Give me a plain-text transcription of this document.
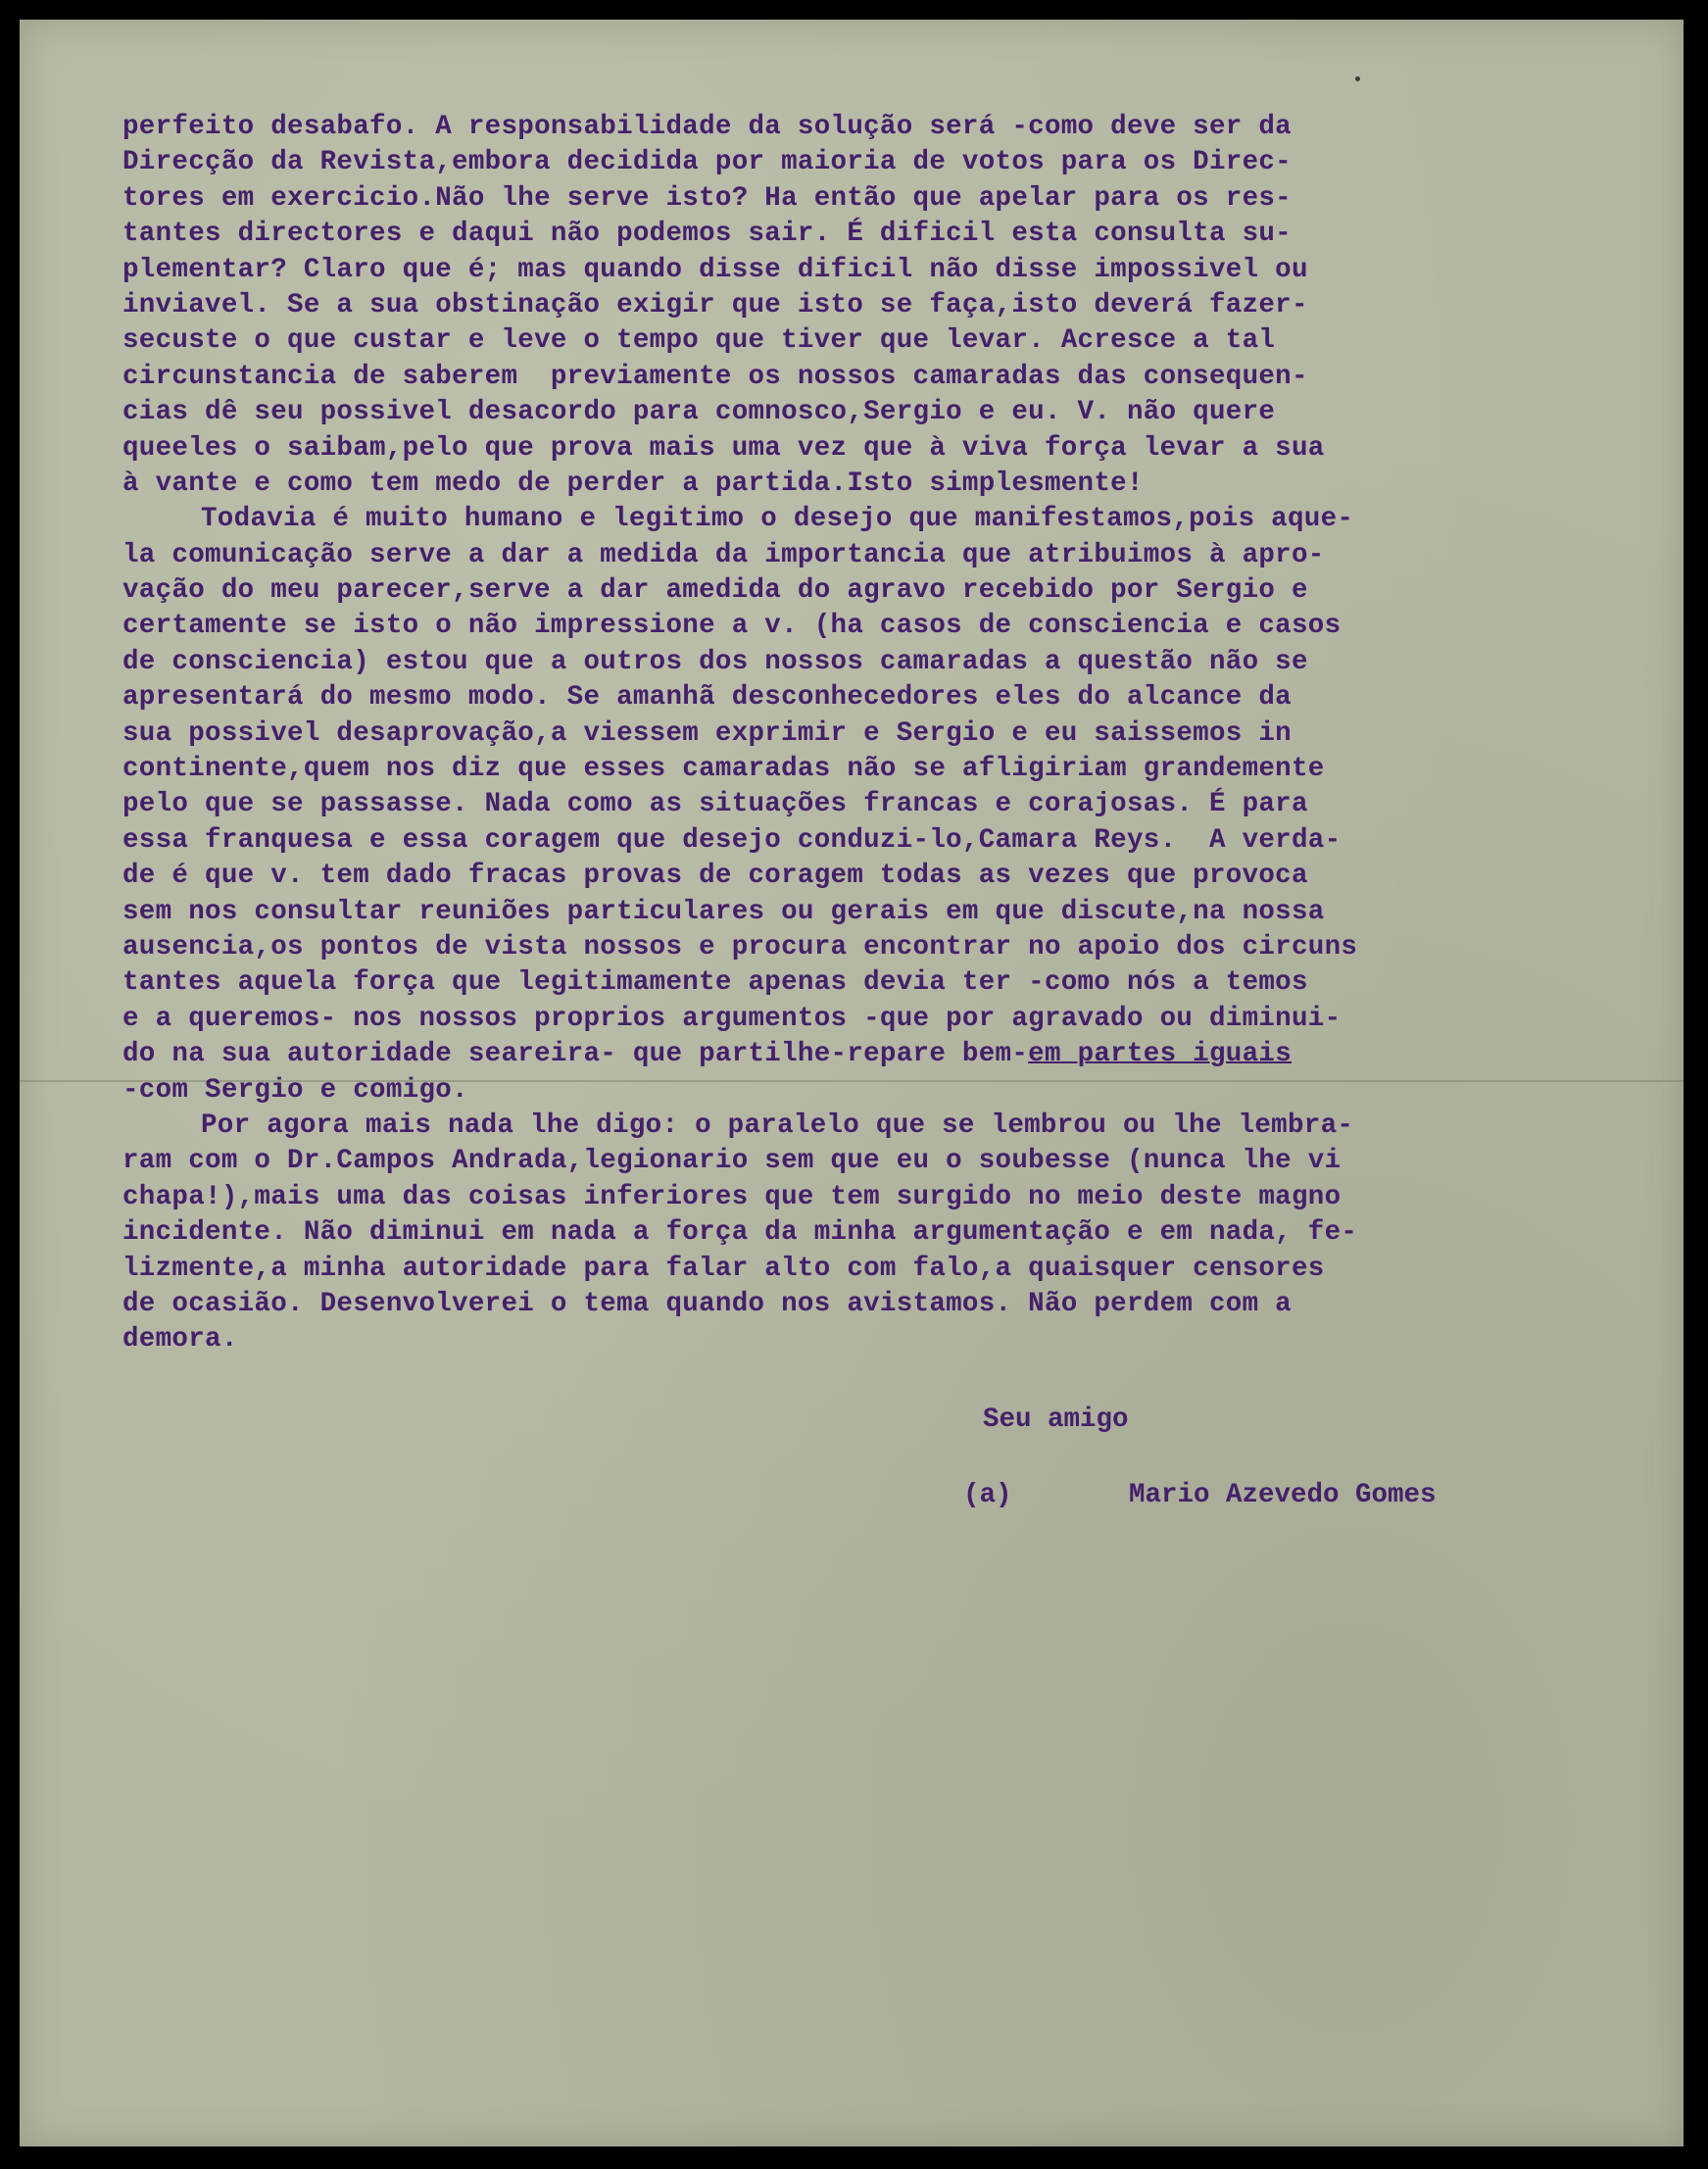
perfeito desabafo. A responsabilidade da solução será -como deve ser da
Direcção da Revista,embora decidida por maioria de votos para os Direc-
tores em exercicio.Não lhe serve isto? Ha então que apelar para os res-
tantes directores e daqui não podemos sair. É dificil esta consulta su-
plementar? Claro que é; mas quando disse dificil não disse impossivel ou
inviavel. Se a sua obstinação exigir que isto se faça,isto deverá fazer-
secuste o que custar e leve o tempo que tiver que levar. Acresce a tal
circunstancia de saberem  previamente os nossos camaradas das consequen-
cias dê seu possivel desacordo para comnosco,Sergio e eu. V. não quere
queeles o saibam,pelo que prova mais uma vez que à viva força levar a sua
à vante e como tem medo de perder a partida.Isto simplesmente!
Todavia é muito humano e legitimo o desejo que manifestamos,pois aque-
la comunicação serve a dar a medida da importancia que atribuimos à apro-
vação do meu parecer,serve a dar amedida do agravo recebido por Sergio e
certamente se isto o não impressione a v. (ha casos de consciencia e casos
de consciencia) estou que a outros dos nossos camaradas a questão não se
apresentará do mesmo modo. Se amanhã desconhecedores eles do alcance da
sua possivel desaprovação,a viessem exprimir e Sergio e eu saissemos in
continente,quem nos diz que esses camaradas não se afligiriam grandemente
pelo que se passasse. Nada como as situações francas e corajosas. É para
essa franquesa e essa coragem que desejo conduzi-lo,Camara Reys.  A verda-
de é que v. tem dado fracas provas de coragem todas as vezes que provoca
sem nos consultar reuniões particulares ou gerais em que discute,na nossa
ausencia,os pontos de vista nossos e procura encontrar no apoio dos circuns
tantes aquela força que legitimamente apenas devia ter -como nós a temos
e a queremos- nos nossos proprios argumentos -que por agravado ou diminui-
do na sua autoridade seareira- que partilhe-repare bem-em partes iguais
-com Sergio e comigo.
Por agora mais nada lhe digo: o paralelo que se lembrou ou lhe lembra-
ram com o Dr.Campos Andrada,legionario sem que eu o soubesse (nunca lhe vi
chapa!),mais uma das coisas inferiores que tem surgido no meio deste magno
incidente. Não diminui em nada a força da minha argumentação e em nada, fe-
lizmente,a minha autoridade para falar alto com falo,a quaisquer censores
de ocasião. Desenvolverei o tema quando nos avistamos. Não perdem com a
demora.
Seu amigo
(a)	Mario Azevedo Gomes
